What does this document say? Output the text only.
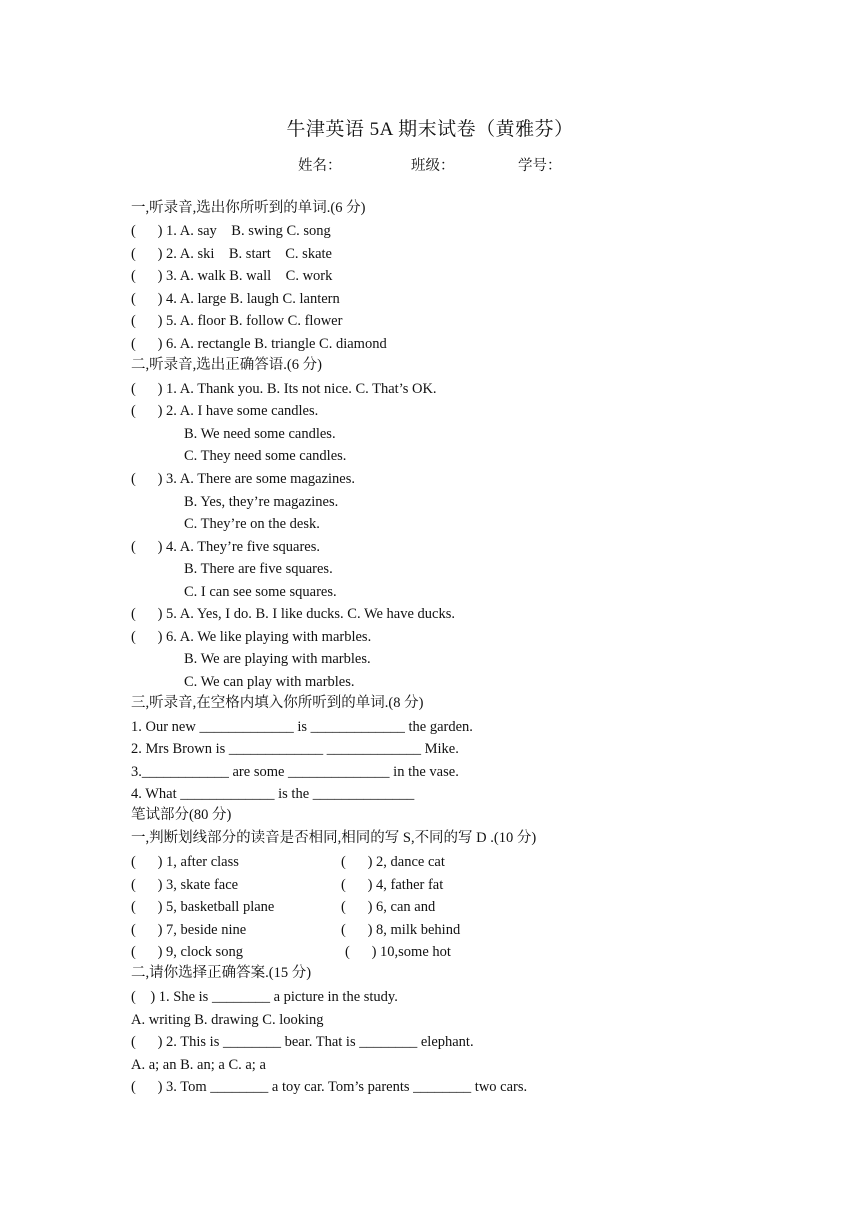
牛津英语 5A 期末试卷（黄雅芬）
姓名：	班级：	学号：
一,听录音,选出你所听到的单词.(6 分)
(      ) 1. A. say    B. swing C. song
(      ) 2. A. ski    B. start    C. skate
(      ) 3. A. walk B. wall    C. work
(      ) 4. A. large B. laugh C. lantern
(      ) 5. A. floor B. follow C. flower
(      ) 6. A. rectangle B. triangle C. diamond
二,听录音,选出正确答语.(6 分)
(      ) 1. A. Thank you. B. Its not nice. C. That’s OK.
(      ) 2. A. I have some candles.
B. We need some candles.
C. They need some candles.
(      ) 3. A. There are some magazines.
B. Yes, they’re magazines.
C. They’re on the desk.
(      ) 4. A. They’re five squares.
B. There are five squares.
C. I can see some squares.
(      ) 5. A. Yes, I do. B. I like ducks. C. We have ducks.
(      ) 6. A. We like playing with marbles.
B. We are playing with marbles.
C. We can play with marbles.
三,听录音,在空格内填入你所听到的单词.(8 分)
1. Our new _____________ is _____________ the garden.
2. Mrs Brown is _____________ _____________ Mike.
3.____________ are some ______________ in the vase.
4. What _____________ is the ______________
笔试部分(80 分)
一,判断划线部分的读音是否相同,相同的写 S,不同的写 D .(10 分)
(      ) 1, after class	(      ) 2, dance cat
(      ) 3, skate face	(      ) 4, father fat
(      ) 5, basketball plane	(      ) 6, can and
(      ) 7, beside nine	(      ) 8, milk behind
(      ) 9, clock song	(      ) 10,some hot
二,请你选择正确答案.(15 分)
(    ) 1. She is ________ a picture in the study.
A. writing B. drawing C. looking
(      ) 2. This is ________ bear. That is ________ elephant.
A. a; an B. an; a C. a; a
(      ) 3. Tom ________ a toy car. Tom’s parents ________ two cars.
